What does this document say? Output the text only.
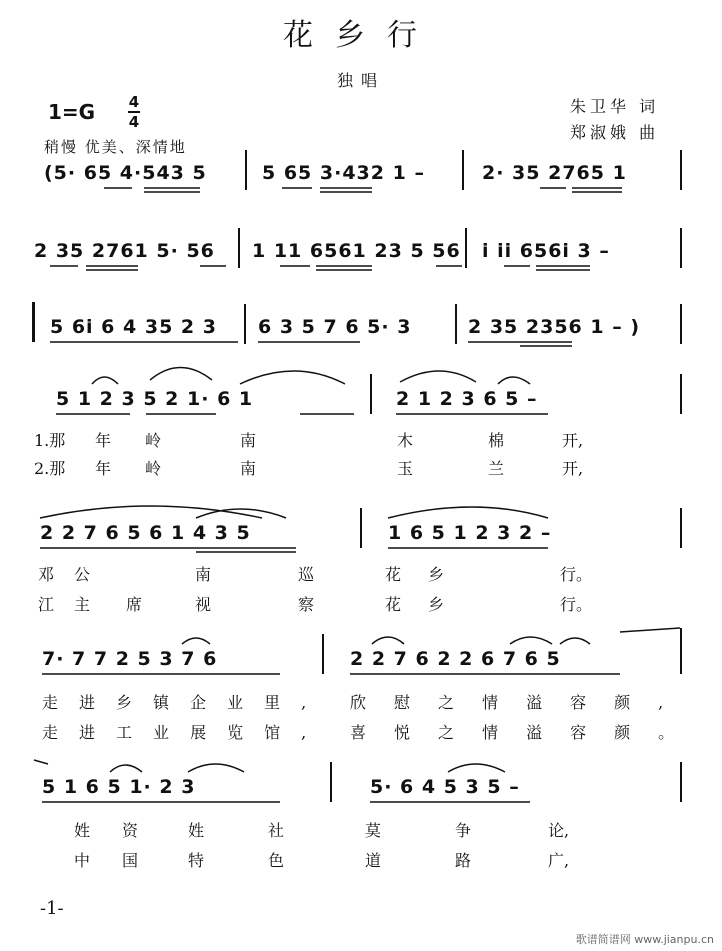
花乡行
独唱
朱卫华 词
郑淑娥 曲
1=G 4
4
稍慢 优美、深情地
(5· 65 4·543 5	5 65 3·432 1 –	2· 35 2765 1
2 35 2761 5· 56 1 11 6561 23 5 56 i ii 656i 3 –
5 6i 6 4 35 2 3 6 3 5 7 6 5· 3	2 35 2356 1 – )
5 1 2 3 5 2 1· 6 1	2 1 2 3 6 5 –
1.那 年 岭	南	木	棉	开,
2.那 年 岭	南	玉	兰	开,
2 2 7 6 5 6 1 4 3 5	1 6 5 1 2 3 2 –
邓 公	南	巡	花 乡	行。
江 主 席	视	察	花 乡	行。
7· 7 7 2 5 3 7 6	2 2 7 6 2 2 6 7 6 5
走进乡镇企业里, 欣慰之情溢容颜,
走进工业展览馆, 喜悦之情溢容颜。
5 1 6 5 1· 2 3	5· 6 4 5 3 5 –
姓 资	姓	社	莫	争	论,
中 国	特	色	道	路	广,
-1-
歌谱简谱网 www.jianpu.cn
